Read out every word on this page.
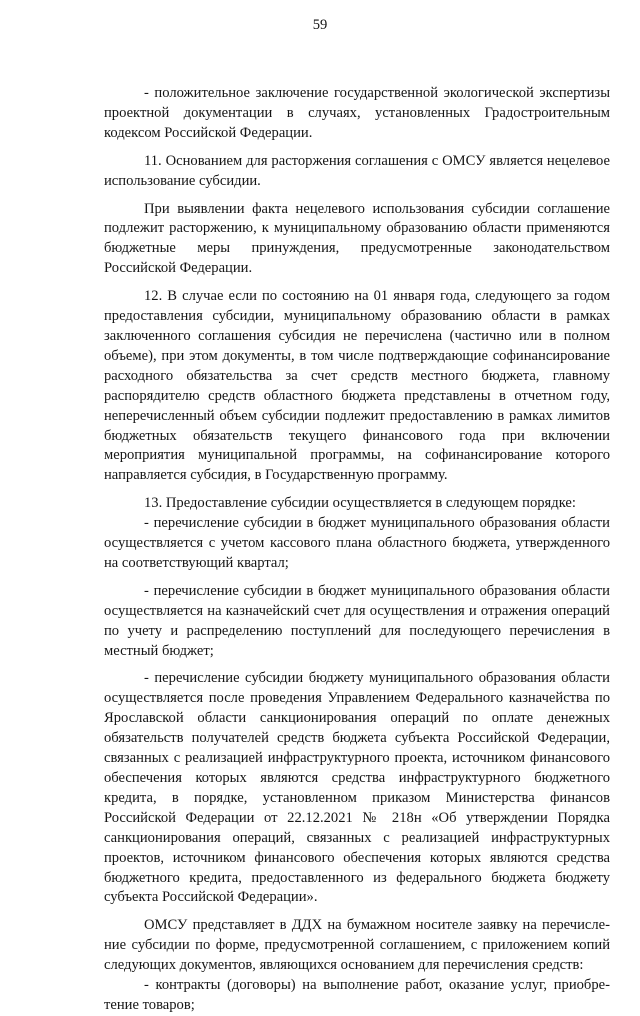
59

- положительное заключение государственной экологической экспертизы проектной документации в случаях, установленных Градостроительным кодексом Российской Федерации.

11. Основанием для расторжения соглашения с ОМСУ является нецелевое использование субсидии.

При выявлении факта нецелевого использования субсидии соглашение подлежит расторжению, к муниципальному образованию области применяются бюджетные меры принуждения, предусмотренные законодательством Российской Федерации.

12. В случае если по состоянию на 01 января года, следующего за годом предоставления субсидии, муниципальному образованию области в рамках заключенного соглашения субсидия не перечислена (частично или в полном объеме), при этом документы, в том числе подтверждающие софинансирование расходного обязательства за счет средств местного бюджета, главному распорядителю средств областного бюджета представлены в отчетном году, неперечисленный объем субсидии подлежит предоставлению в рамках лимитов бюджетных обязательств текущего финансового года при включении мероприятия муниципальной программы, на софинансирование которого направляется субсидия, в Государственную программу.

13. Предоставление субсидии осуществляется в следующем порядке:

- перечисление субсидии в бюджет муниципального образования области осуществляется с учетом кассового плана областного бюджета, утвержденного на соответствующий квартал;

- перечисление субсидии в бюджет муниципального образования области осуществляется на казначейский счет для осуществления и отражения операций по учету и распределению поступлений для последующего перечисления в местный бюджет;

- перечисление субсидии бюджету муниципального образования области осуществляется после проведения Управлением Федерального казначейства по Ярославской области санкционирования операций по оплате денежных обязательств получателей средств бюджета субъекта Российской Федерации, связанных с реализацией инфраструктурного проекта, источником финансового обеспечения которых являются средства инфраструктурного бюджетного кредита, в порядке, установленном приказом Министерства финансов Российской Федерации от 22.12.2021 № 218н «Об утверждении Порядка санкционирования операций, связанных с реализацией инфраструктурных проектов, источником финансового обеспечения которых являются средства бюджетного кредита, предоставленного из федерального бюджета бюджету субъекта Российской Федерации».

ОМСУ представляет в ДДХ на бумажном носителе заявку на перечисление субсидии по форме, предусмотренной соглашением, с приложением копий следующих документов, являющихся основанием для перечисления средств:

- контракты (договоры) на выполнение работ, оказание услуг, приобретение товаров;
